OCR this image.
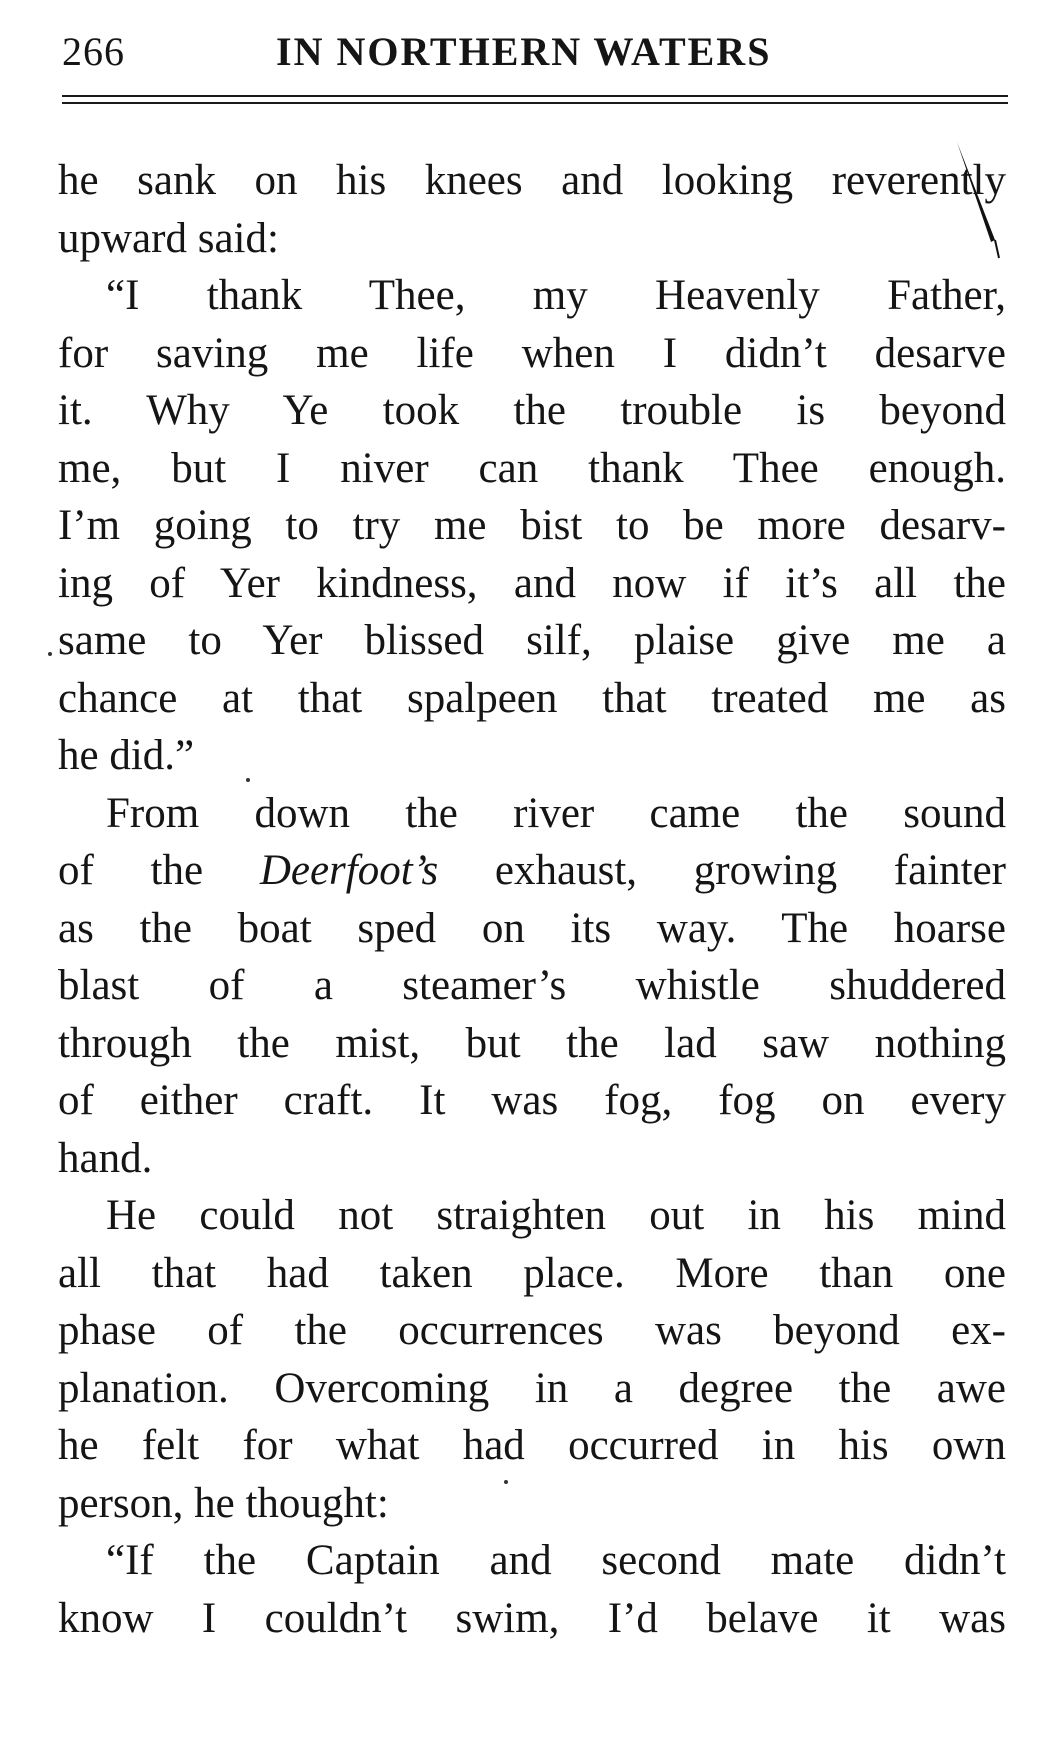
266	IN NORTHERN WATERS
he sank on his knees and looking reverently
upward said:
“I thank Thee, my Heavenly Father,
for saving me life when I didn’t desarve
it. Why Ye took the trouble is beyond
me, but I niver can thank Thee enough.
I’m going to try me bist to be more desarv-
ing of Yer kindness, and now if it’s all the
same to Yer blissed silf, plaise give me a
chance at that spalpeen that treated me as
he did.”
From down the river came the sound
of the Deerfoot’s exhaust, growing fainter
as the boat sped on its way. The hoarse
blast of a steamer’s whistle shuddered
through the mist, but the lad saw nothing
of either craft. It was fog, fog on every
hand.
He could not straighten out in his mind
all that had taken place. More than one
phase of the occurrences was beyond ex-
planation. Overcoming in a degree the awe
he felt for what had occurred in his own
person, he thought:
“If the Captain and second mate didn’t
know I couldn’t swim, I’d belave it was
